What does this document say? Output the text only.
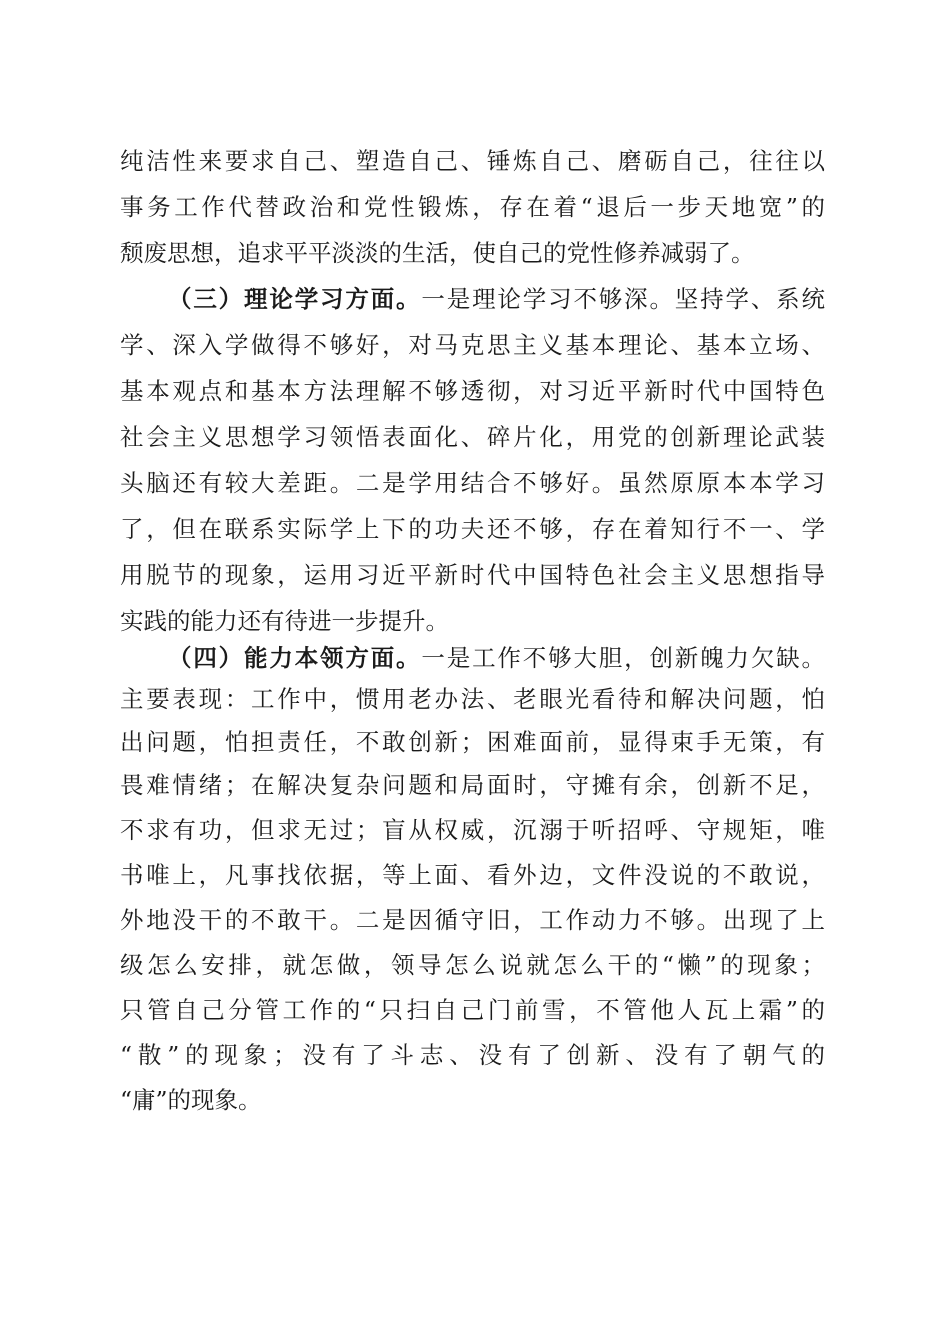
纯洁性来要求自己、塑造自己、锤炼自己、磨砺自己，往往以
事务工作代替政治和党性锻炼，存在着“退后一步天地宽”的
颓废思想，追求平平淡淡的生活，使自己的党性修养减弱了。
（三）理论学习方面。一是理论学习不够深。坚持学、系统
学、深入学做得不够好，对马克思主义基本理论、基本立场、
基本观点和基本方法理解不够透彻，对习近平新时代中国特色
社会主义思想学习领悟表面化、碎片化，用党的创新理论武装
头脑还有较大差距。二是学用结合不够好。虽然原原本本学习
了，但在联系实际学上下的功夫还不够，存在着知行不一、学
用脱节的现象，运用习近平新时代中国特色社会主义思想指导
实践的能力还有待进一步提升。
（四）能力本领方面。一是工作不够大胆，创新魄力欠缺。
主要表现：工作中，惯用老办法、老眼光看待和解决问题，怕
出问题，怕担责任，不敢创新；困难面前，显得束手无策，有
畏难情绪；在解决复杂问题和局面时，守摊有余，创新不足，
不求有功，但求无过；盲从权威，沉溺于听招呼、守规矩，唯
书唯上，凡事找依据，等上面、看外边，文件没说的不敢说，
外地没干的不敢干。二是因循守旧，工作动力不够。出现了上
级怎么安排，就怎做，领导怎么说就怎么干的“懒”的现象；
只管自己分管工作的“只扫自己门前雪，不管他人瓦上霜”的
“散”的现象；没有了斗志、没有了创新、没有了朝气的
“庸”的现象。
